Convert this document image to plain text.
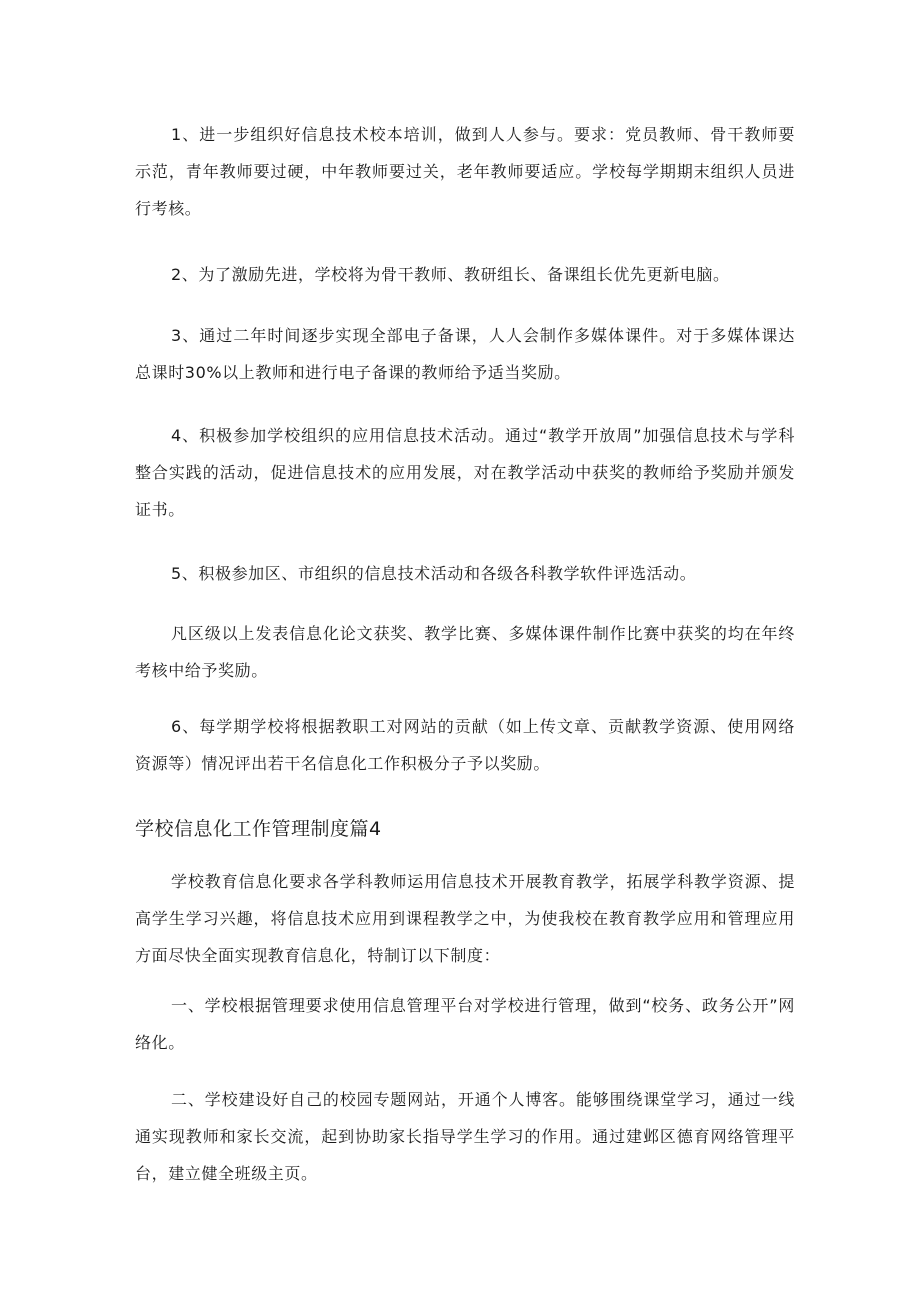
1、进一步组织好信息技术校本培训，做到人人参与。要求：党员教师、骨干教师要示范，青年教师要过硬，中年教师要过关，老年教师要适应。学校每学期期末组织人员进行考核。

2、为了激励先进，学校将为骨干教师、教研组长、备课组长优先更新电脑。

3、通过二年时间逐步实现全部电子备课，人人会制作多媒体课件。对于多媒体课达总课时30%以上教师和进行电子备课的教师给予适当奖励。

4、积极参加学校组织的应用信息技术活动。通过“教学开放周”加强信息技术与学科整合实践的活动，促进信息技术的应用发展，对在教学活动中获奖的教师给予奖励并颁发证书。

5、积极参加区、市组织的信息技术活动和各级各科教学软件评选活动。

凡区级以上发表信息化论文获奖、教学比赛、多媒体课件制作比赛中获奖的均在年终考核中给予奖励。

6、每学期学校将根据教职工对网站的贡献（如上传文章、贡献教学资源、使用网络资源等）情况评出若干名信息化工作积极分子予以奖励。

学校信息化工作管理制度篇4

学校教育信息化要求各学科教师运用信息技术开展教育教学，拓展学科教学资源、提高学生学习兴趣，将信息技术应用到课程教学之中，为使我校在教育教学应用和管理应用方面尽快全面实现教育信息化，特制订以下制度：

一、学校根据管理要求使用信息管理平台对学校进行管理，做到“校务、政务公开”网络化。

二、学校建设好自己的校园专题网站，开通个人博客。能够围绕课堂学习，通过一线通实现教师和家长交流，起到协助家长指导学生学习的作用。通过建邺区德育网络管理平台，建立健全班级主页。
